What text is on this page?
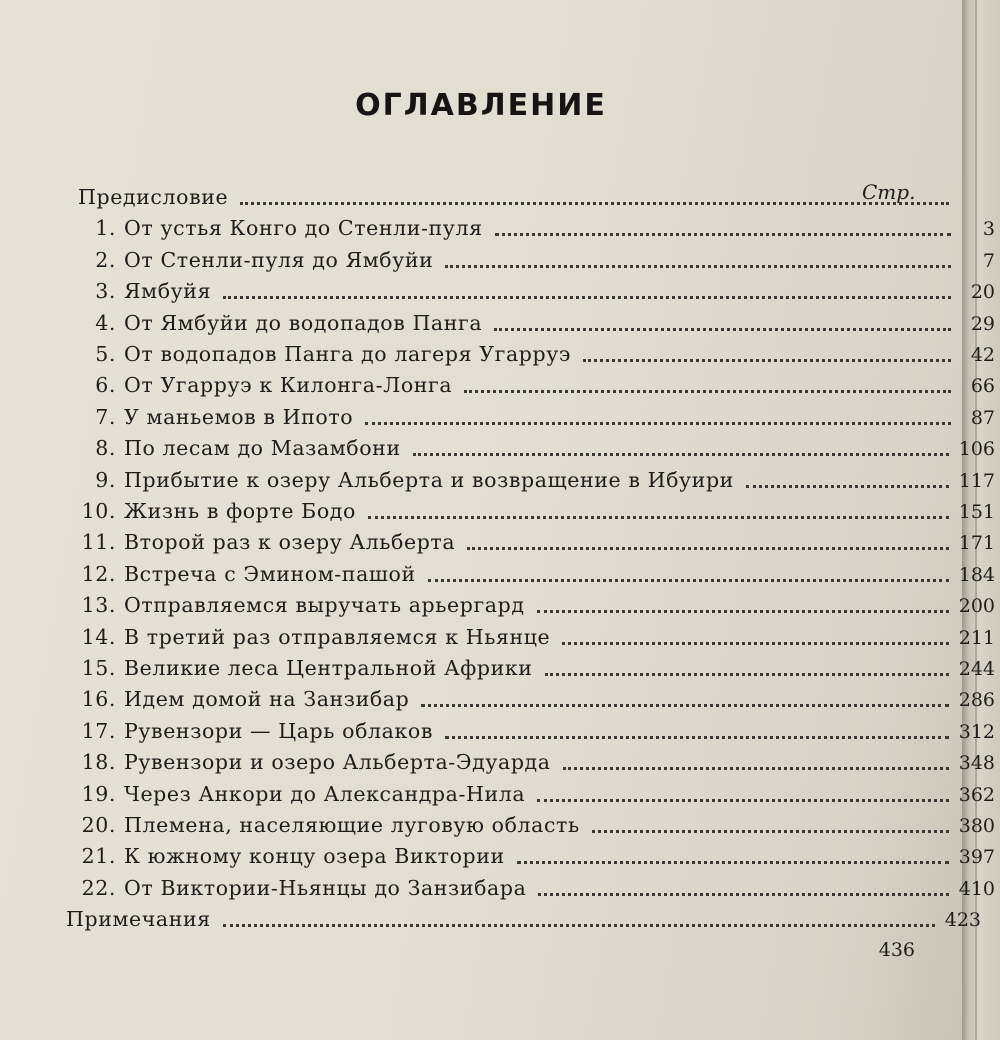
ОГЛАВЛЕНИЕ
Стр.
Предисловие
1. От устья Конго до Стенли-пуля	3
2. От Стенли-пуля до Ямбуйи	7
3. Ямбуйя	20
4. От Ямбуйи до водопадов Панга	29
5. От водопадов Панга до лагеря Угарруэ	42
6. От Угарруэ к Килонга-Лонга	66
7. У маньемов в Ипото	87
8. По лесам до Мазамбони	106
9. Прибытие к озеру Альберта и возвращение в Ибуири	117
10. Жизнь в форте Бодо	151
11. Второй раз к озеру Альберта	171
12. Встреча с Эмином-пашой	184
13. Отправляемся выручать арьергард	200
14. В третий раз отправляемся к Ньянце	211
15. Великие леса Центральной Африки	244
16. Идем домой на Занзибар	286
17. Рувензори — Царь облаков	312
18. Рувензори и озеро Альберта-Эдуарда	348
19. Через Анкори до Александра-Нила	362
20. Племена, населяющие луговую область	380
21. К южному концу озера Виктории	397
22. От Виктории-Ньянцы до Занзибара	410
Примечания	423
436
